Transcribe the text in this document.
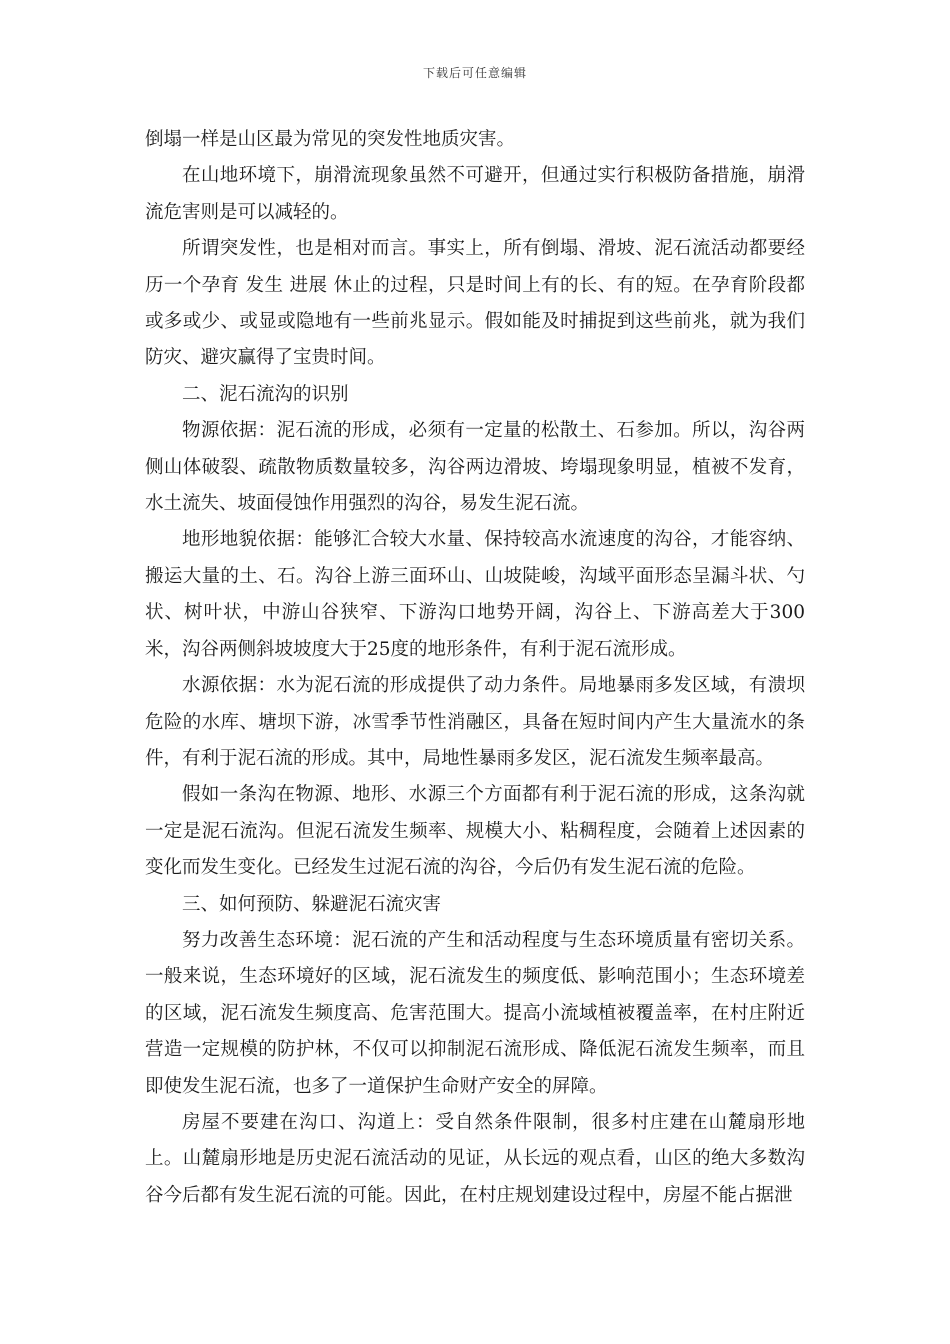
下载后可任意编辑

倒塌一样是山区最为常见的突发性地质灾害。

在山地环境下，崩滑流现象虽然不可避开，但通过实行积极防备措施，崩滑流危害则是可以减轻的。

所谓突发性，也是相对而言。事实上，所有倒塌、滑坡、泥石流活动都要经历一个孕育 发生 进展 休止的过程，只是时间上有的长、有的短。在孕育阶段都或多或少、或显或隐地有一些前兆显示。假如能及时捕捉到这些前兆，就为我们防灾、避灾赢得了宝贵时间。

二、泥石流沟的识别

物源依据：泥石流的形成，必须有一定量的松散土、石参加。所以，沟谷两侧山体破裂、疏散物质数量较多，沟谷两边滑坡、垮塌现象明显，植被不发育，水土流失、坡面侵蚀作用强烈的沟谷，易发生泥石流。

地形地貌依据：能够汇合较大水量、保持较高水流速度的沟谷，才能容纳、搬运大量的土、石。沟谷上游三面环山、山坡陡峻，沟域平面形态呈漏斗状、勺状、树叶状，中游山谷狭窄、下游沟口地势开阔，沟谷上、下游高差大于300米，沟谷两侧斜坡坡度大于25度的地形条件，有利于泥石流形成。

水源依据：水为泥石流的形成提供了动力条件。局地暴雨多发区域，有溃坝危险的水库、塘坝下游，冰雪季节性消融区，具备在短时间内产生大量流水的条件，有利于泥石流的形成。其中，局地性暴雨多发区，泥石流发生频率最高。

假如一条沟在物源、地形、水源三个方面都有利于泥石流的形成，这条沟就一定是泥石流沟。但泥石流发生频率、规模大小、粘稠程度，会随着上述因素的变化而发生变化。已经发生过泥石流的沟谷，今后仍有发生泥石流的危险。

三、如何预防、躲避泥石流灾害

努力改善生态环境：泥石流的产生和活动程度与生态环境质量有密切关系。一般来说，生态环境好的区域，泥石流发生的频度低、影响范围小；生态环境差的区域，泥石流发生频度高、危害范围大。提高小流域植被覆盖率，在村庄附近营造一定规模的防护林，不仅可以抑制泥石流形成、降低泥石流发生频率，而且即使发生泥石流，也多了一道保护生命财产安全的屏障。

房屋不要建在沟口、沟道上：受自然条件限制，很多村庄建在山麓扇形地上。山麓扇形地是历史泥石流活动的见证，从长远的观点看，山区的绝大多数沟谷今后都有发生泥石流的可能。因此，在村庄规划建设过程中，房屋不能占据泄
